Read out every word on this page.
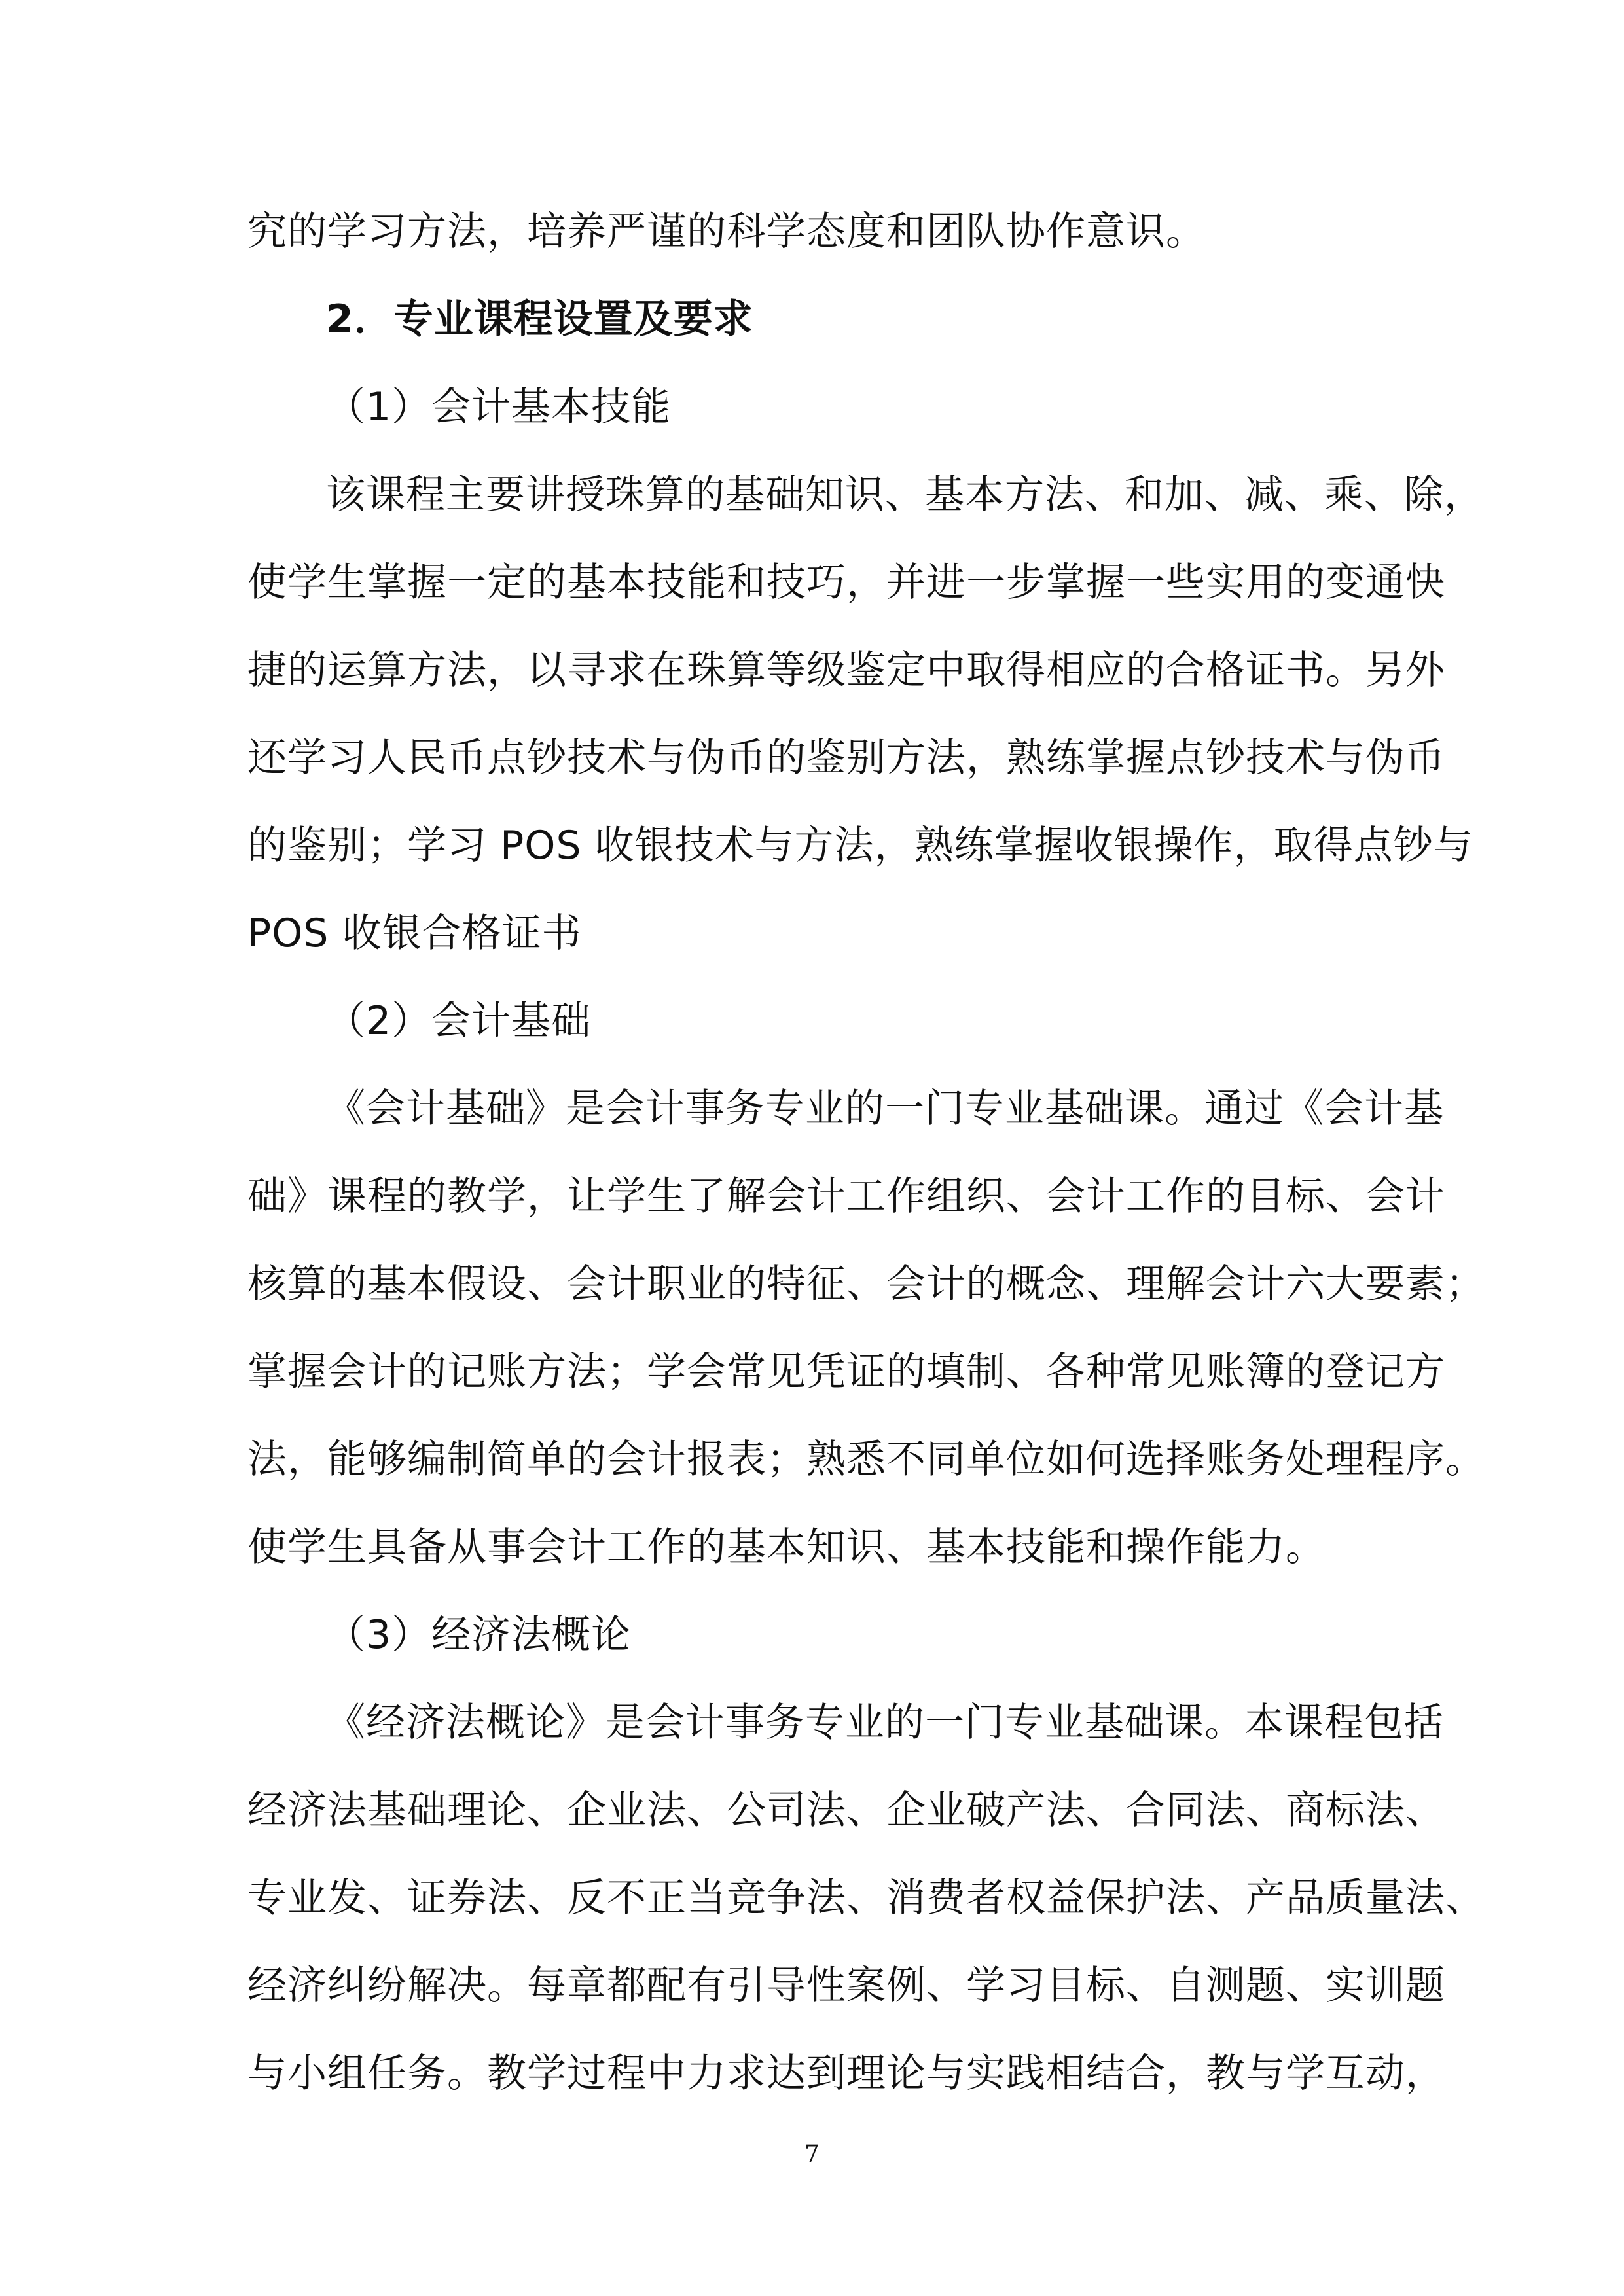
究的学习方法，培养严谨的科学态度和团队协作意识。
2．专业课程设置及要求
（1）会计基本技能
该课程主要讲授珠算的基础知识、基本方法、和加、减、乘、除，
使学生掌握一定的基本技能和技巧，并进一步掌握一些实用的变通快
捷的运算方法，以寻求在珠算等级鉴定中取得相应的合格证书。另外
还学习人民币点钞技术与伪币的鉴别方法，熟练掌握点钞技术与伪币
的鉴别；学习 POS 收银技术与方法，熟练掌握收银操作，取得点钞与
POS 收银合格证书
（2）会计基础
《会计基础》是会计事务专业的一门专业基础课。通过《会计基
础》课程的教学，让学生了解会计工作组织、会计工作的目标、会计
核算的基本假设、会计职业的特征、会计的概念、理解会计六大要素；
掌握会计的记账方法；学会常见凭证的填制、各种常见账簿的登记方
法，能够编制简单的会计报表；熟悉不同单位如何选择账务处理程序。
使学生具备从事会计工作的基本知识、基本技能和操作能力。
（3）经济法概论
《经济法概论》是会计事务专业的一门专业基础课。本课程包括
经济法基础理论、企业法、公司法、企业破产法、合同法、商标法、
专业发、证券法、反不正当竞争法、消费者权益保护法、产品质量法、
经济纠纷解决。每章都配有引导性案例、学习目标、自测题、实训题
与小组任务。教学过程中力求达到理论与实践相结合，教与学互动，
7
